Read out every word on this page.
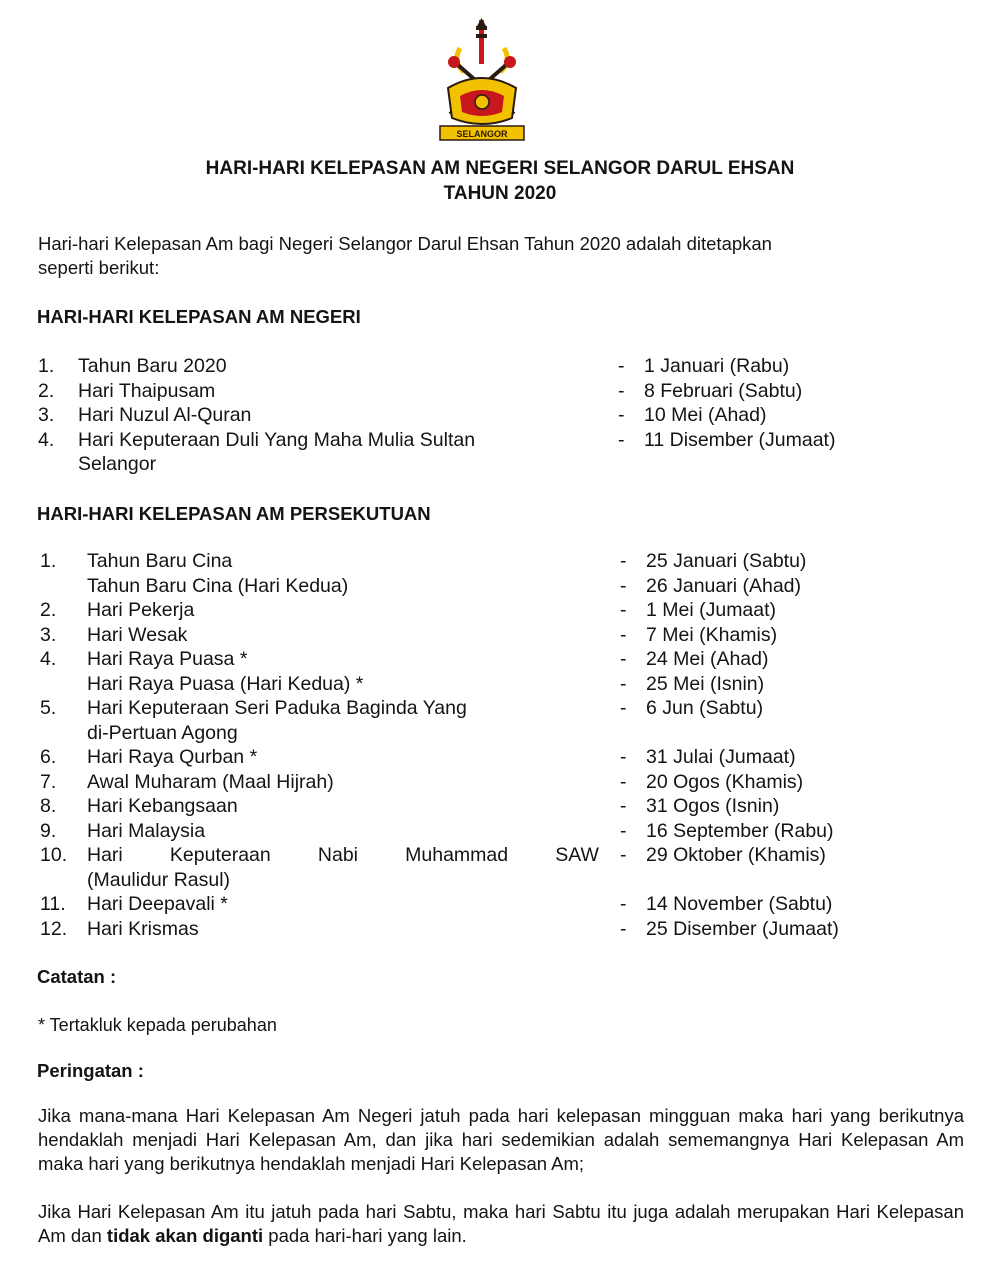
SELANGOR
HARI-HARI KELEPASAN AM NEGERI SELANGOR DARUL EHSAN
TAHUN 2020
Hari-hari Kelepasan Am bagi Negeri Selangor Darul Ehsan Tahun 2020 adalah ditetapkan
seperti berikut:
HARI-HARI KELEPASAN AM NEGERI
1. Tahun Baru 2020	- 1 Januari (Rabu)
2. Hari Thaipusam	- 8 Februari (Sabtu)
3. Hari Nuzul Al-Quran	- 10 Mei (Ahad)
4. Hari Keputeraan Duli Yang Maha Mulia Sultan	- 11 Disember (Jumaat)
Selangor
HARI-HARI KELEPASAN AM PERSEKUTUAN
1. Tahun Baru Cina	- 25 Januari (Sabtu)
Tahun Baru Cina (Hari Kedua)	- 26 Januari (Ahad)
2. Hari Pekerja	- 1 Mei (Jumaat)
3. Hari Wesak	- 7 Mei (Khamis)
4. Hari Raya Puasa *	- 24 Mei (Ahad)
Hari Raya Puasa (Hari Kedua) *	- 25 Mei (Isnin)
5. Hari Keputeraan Seri Paduka Baginda Yang	- 6 Jun (Sabtu)
di-Pertuan Agong
6. Hari Raya Qurban *	- 31 Julai (Jumaat)
7. Awal Muharam (Maal Hijrah)	- 20 Ogos (Khamis)
8. Hari Kebangsaan	- 31 Ogos (Isnin)
9. Hari Malaysia	- 16 September (Rabu)
10. Hari Keputeraan Nabi Muhammad SAW - 29 Oktober (Khamis)
(Maulidur Rasul)
11. Hari Deepavali *	- 14 November (Sabtu)
12. Hari Krismas	- 25 Disember (Jumaat)
Catatan :
* Tertakluk kepada perubahan
Peringatan :
Jika mana-mana Hari Kelepasan Am Negeri jatuh pada hari kelepasan mingguan maka hari yang berikutnya hendaklah menjadi Hari Kelepasan Am, dan jika hari sedemikian adalah sememangnya Hari Kelepasan Am maka hari yang berikutnya hendaklah menjadi Hari Kelepasan Am;
Jika Hari Kelepasan Am itu jatuh pada hari Sabtu, maka hari Sabtu itu juga adalah merupakan Hari Kelepasan Am dan tidak akan diganti pada hari-hari yang lain.
